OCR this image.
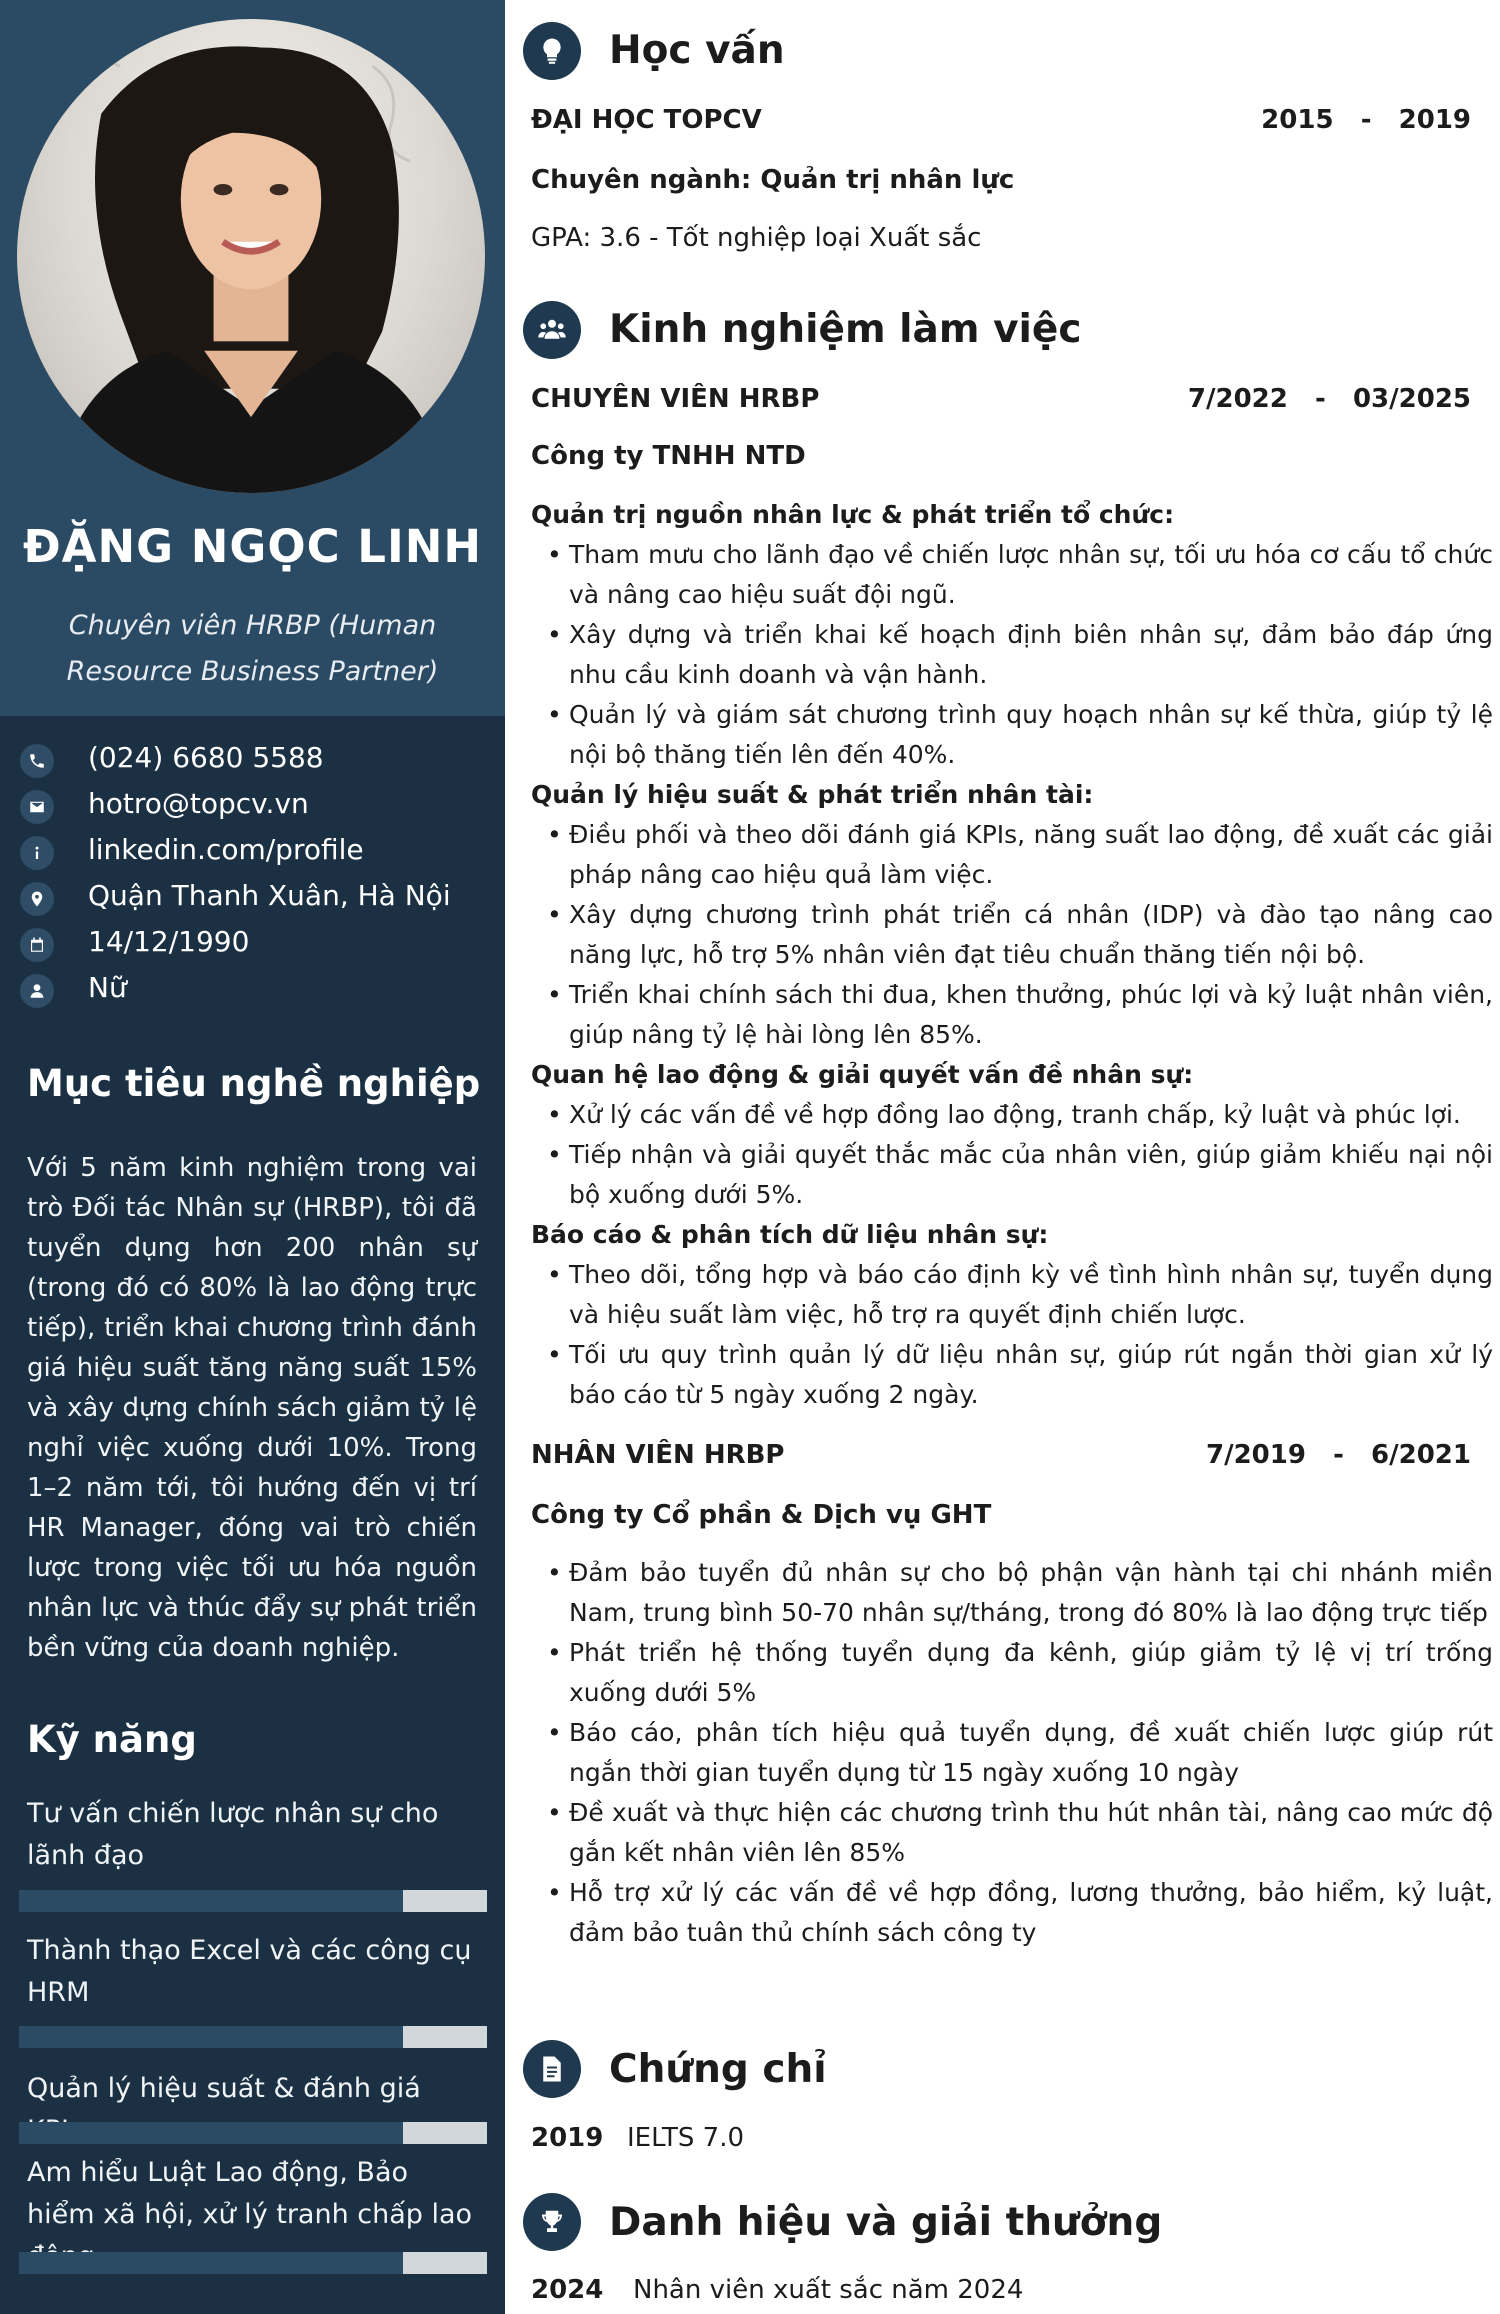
ĐẶNG NGỌC LINH
Chuyên viên HRBP (Human Resource Business Partner)
(024) 6680 5588
hotro@topcv.vn
linkedin.com/profile
Quận Thanh Xuân, Hà Nội
14/12/1990
Nữ
Mục tiêu nghề nghiệp
Với 5 năm kinh nghiệm trong vai trò Đối tác Nhân sự (HRBP), tôi đã tuyển dụng hơn 200 nhân sự (trong đó có 80% là lao động trực tiếp), triển khai chương trình đánh giá hiệu suất tăng năng suất 15% và xây dựng chính sách giảm tỷ lệ nghỉ việc xuống dưới 10%. Trong 1–2 năm tới, tôi hướng đến vị trí HR Manager, đóng vai trò chiến lược trong việc tối ưu hóa nguồn nhân lực và thúc đẩy sự phát triển bền vững của doanh nghiệp.
Kỹ năng
Tư vấn chiến lược nhân sự cho lãnh đạo
Thành thạo Excel và các công cụ HRM
Quản lý hiệu suất & đánh giá
Am hiểu Luật Lao động, Bảo hiểm xã hội, xử lý tranh chấp lao
Học vấn
ĐẠI HỌC TOPCV	2015   -   2019
Chuyên ngành: Quản trị nhân lực
GPA: 3.6 - Tốt nghiệp loại Xuất sắc
Kinh nghiệm làm việc
CHUYÊN VIÊN HRBP	7/2022   -   03/2025
Công ty TNHH NTD
Quản trị nguồn nhân lực & phát triển tổ chức:
• Tham mưu cho lãnh đạo về chiến lược nhân sự, tối ưu hóa cơ cấu tổ chức và nâng cao hiệu suất đội ngũ.
• Xây dựng và triển khai kế hoạch định biên nhân sự, đảm bảo đáp ứng nhu cầu kinh doanh và vận hành.
• Quản lý và giám sát chương trình quy hoạch nhân sự kế thừa, giúp tỷ lệ nội bộ thăng tiến lên đến 40%.
Quản lý hiệu suất & phát triển nhân tài:
• Điều phối và theo dõi đánh giá KPIs, năng suất lao động, đề xuất các giải pháp nâng cao hiệu quả làm việc.
• Xây dựng chương trình phát triển cá nhân (IDP) và đào tạo nâng cao năng lực, hỗ trợ 5% nhân viên đạt tiêu chuẩn thăng tiến nội bộ.
• Triển khai chính sách thi đua, khen thưởng, phúc lợi và kỷ luật nhân viên, giúp nâng tỷ lệ hài lòng lên 85%.
Quan hệ lao động & giải quyết vấn đề nhân sự:
• Xử lý các vấn đề về hợp đồng lao động, tranh chấp, kỷ luật và phúc lợi.
• Tiếp nhận và giải quyết thắc mắc của nhân viên, giúp giảm khiếu nại nội bộ xuống dưới 5%.
Báo cáo & phân tích dữ liệu nhân sự:
• Theo dõi, tổng hợp và báo cáo định kỳ về tình hình nhân sự, tuyển dụng và hiệu suất làm việc, hỗ trợ ra quyết định chiến lược.
• Tối ưu quy trình quản lý dữ liệu nhân sự, giúp rút ngắn thời gian xử lý báo cáo từ 5 ngày xuống 2 ngày.
NHÂN VIÊN HRBP	7/2019   -   6/2021
Công ty Cổ phần & Dịch vụ GHT
• Đảm bảo tuyển đủ nhân sự cho bộ phận vận hành tại chi nhánh miền Nam, trung bình 50-70 nhân sự/tháng, trong đó 80% là lao động trực tiếp
• Phát triển hệ thống tuyển dụng đa kênh, giúp giảm tỷ lệ vị trí trống xuống dưới 5%
• Báo cáo, phân tích hiệu quả tuyển dụng, đề xuất chiến lược giúp rút ngắn thời gian tuyển dụng từ 15 ngày xuống 10 ngày
• Đề xuất và thực hiện các chương trình thu hút nhân tài, nâng cao mức độ gắn kết nhân viên lên 85%
• Hỗ trợ xử lý các vấn đề về hợp đồng, lương thưởng, bảo hiểm, kỷ luật, đảm bảo tuân thủ chính sách công ty
Chứng chỉ
2019 IELTS 7.0
Danh hiệu và giải thưởng
2024 Nhân viên xuất sắc năm 2024
